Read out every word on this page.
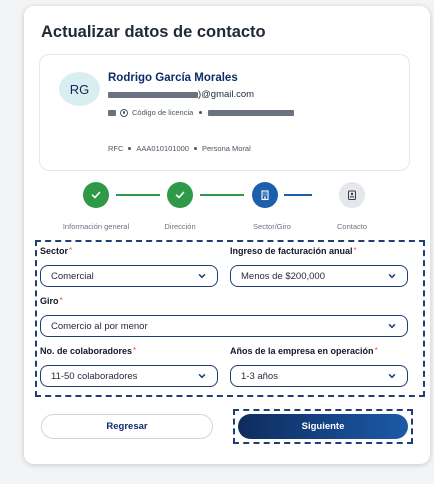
Actualizar datos de contacto
RG
Rodrigo García Morales
)@gmail.com
Código de licencia
RFC AAA010101000 Persona Moral
Información general	Dirección	Sector/Giro	Contacto
Sector*
Comercial
Ingreso de facturación anual*
Menos de $200,000
Giro*
Comercio al por menor
No. de colaboradores*
11-50 colaboradores
Años de la empresa en operación*
1-3 años
Regresar	Siguiente
